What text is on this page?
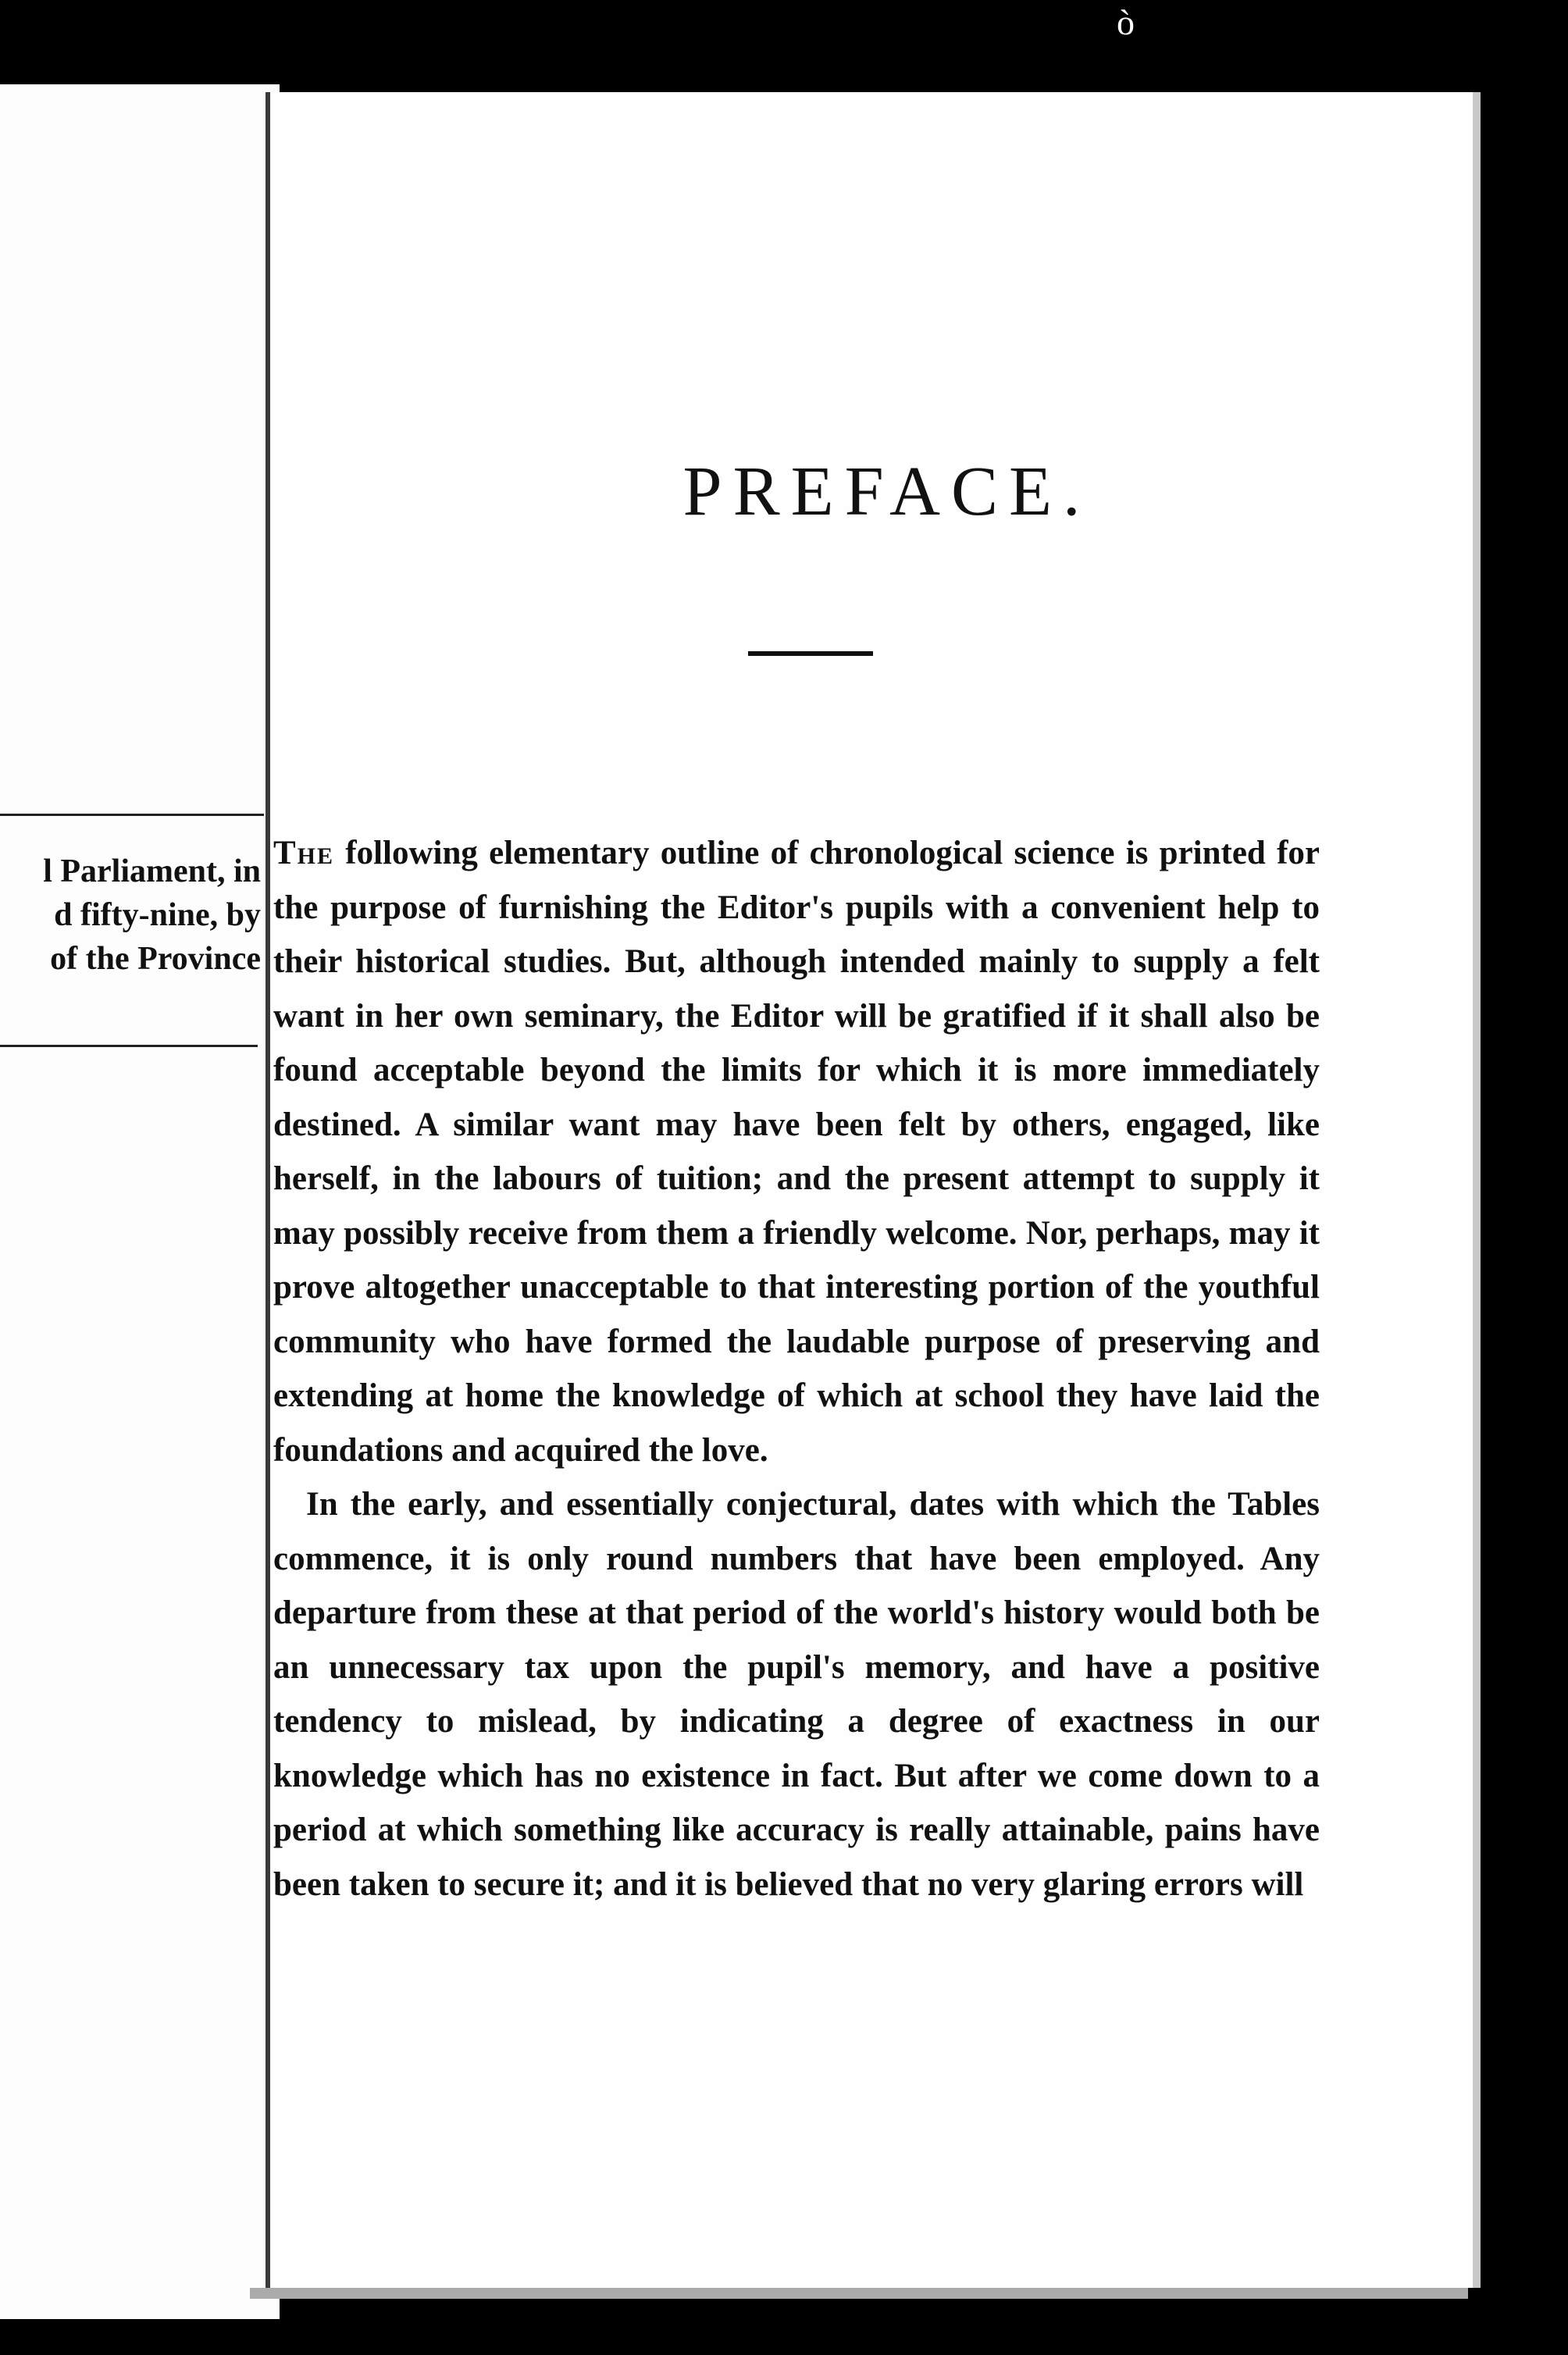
ò
l Parliament, in
d fifty-nine, by
of the Province
PREFACE.

The following elementary outline of chronological science is printed for the purpose of furnishing the Editor's pupils with a convenient help to their historical studies. But, although intended mainly to supply a felt want in her own seminary, the Editor will be gratified if it shall also be found acceptable beyond the limits for which it is more immediately destined. A similar want may have been felt by others, engaged, like herself, in the labours of tuition; and the present attempt to supply it may possibly receive from them a friendly welcome. Nor, perhaps, may it prove altogether unacceptable to that interesting portion of the youthful community who have formed the laudable purpose of preserving and extending at home the knowledge of which at school they have laid the foundations and acquired the love.

In the early, and essentially conjectural, dates with which the Tables commence, it is only round numbers that have been employed. Any departure from these at that period of the world's history would both be an unnecessary tax upon the pupil's memory, and have a positive tendency to mislead, by indicating a degree of exactness in our knowledge which has no existence in fact. But after we come down to a period at which something like accuracy is really attainable, pains have been taken to secure it; and it is believed that no very glaring errors will
